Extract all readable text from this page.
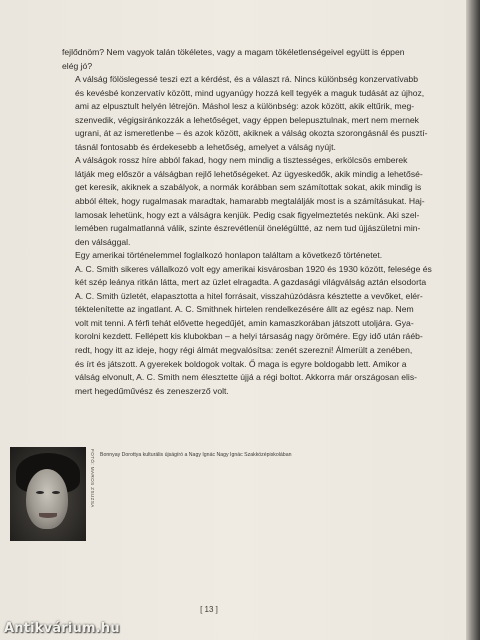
fejlődnöm? Nem vagyok talán tökéletes, vagy a magam tökéletlenségeivel együtt is éppen
elég jó?
A válság fölöslegessé teszi ezt a kérdést, és a választ rá. Nincs különbség konzervatívabb
és kevésbé konzervatív között, mind ugyanúgy hozzá kell tegyék a maguk tudását az újhoz,
ami az elpusztult helyén létrejön. Máshol lesz a különbség: azok között, akik eltűrik, meg-
szenvedik, végigsiránkozzák a lehetőséget, vagy éppen belepusztulnak, mert nem mernek
ugrani, át az ismeretlenbe – és azok között, akiknek a válság okozta szorongásnál és pusztí-
tásnál fontosabb és érdekesebb a lehetőség, amelyet a válság nyújt.
A válságok rossz híre abból fakad, hogy nem mindig a tisztességes, erkölcsös emberek
látják meg először a válságban rejlő lehetőségeket. Az ügyeskedők, akik mindig a lehetősé-
get keresik, akiknek a szabályok, a normák korábban sem számítottak sokat, akik mindig is
abból éltek, hogy rugalmasak maradtak, hamarabb megtalálják most is a számításukat. Haj-
lamosak lehetünk, hogy ezt a válságra kenjük. Pedig csak figyelmeztetés nekünk. Aki szel-
lemében rugalmatlanná válik, szinte észrevétlenül önelégültté, az nem tud újjászületni min-
den válsággal.
Egy amerikai történelemmel foglalkozó honlapon találtam a következő történetet.
A. C. Smith sikeres vállalkozó volt egy amerikai kisvárosban 1920 és 1930 között, felesége és
két szép leánya ritkán látta, mert az üzlet elragadta. A gazdasági világválság aztán elsodorta
A. C. Smith üzletét, elapasztotta a hitel forrásait, visszahúzódásra késztette a vevőket, elér-
téktelenítette az ingatlant. A. C. Smithnek hirtelen rendelkezésére állt az egész nap. Nem
volt mit tenni. A férfi tehát elővette hegedűjét, amin kamaszkorában játszott utoljára. Gya-
korolni kezdett. Fellépett kis klubokban – a helyi társaság nagy örömére. Egy idő után ráéb-
redt, hogy itt az ideje, hogy régi álmát megvalósítsa: zenét szerezni! Álmerült a zenében,
és írt és játszott. A gyerekek boldogok voltak. Ő maga is egyre boldogabb lett. Amikor a
válság elvonult, A. C. Smith nem élesztette újjá a régi boltot. Akkorra már országosan elis-
mert hegedűművész és zeneszerző volt.
FOTÓ: MAROS ZSUZSA Bonnyay Dorottya kulturális újságíró a Nagy Ignác Nagy Ignác Szakközépiskolában
[ 13 ]
Antikvárium.hu
